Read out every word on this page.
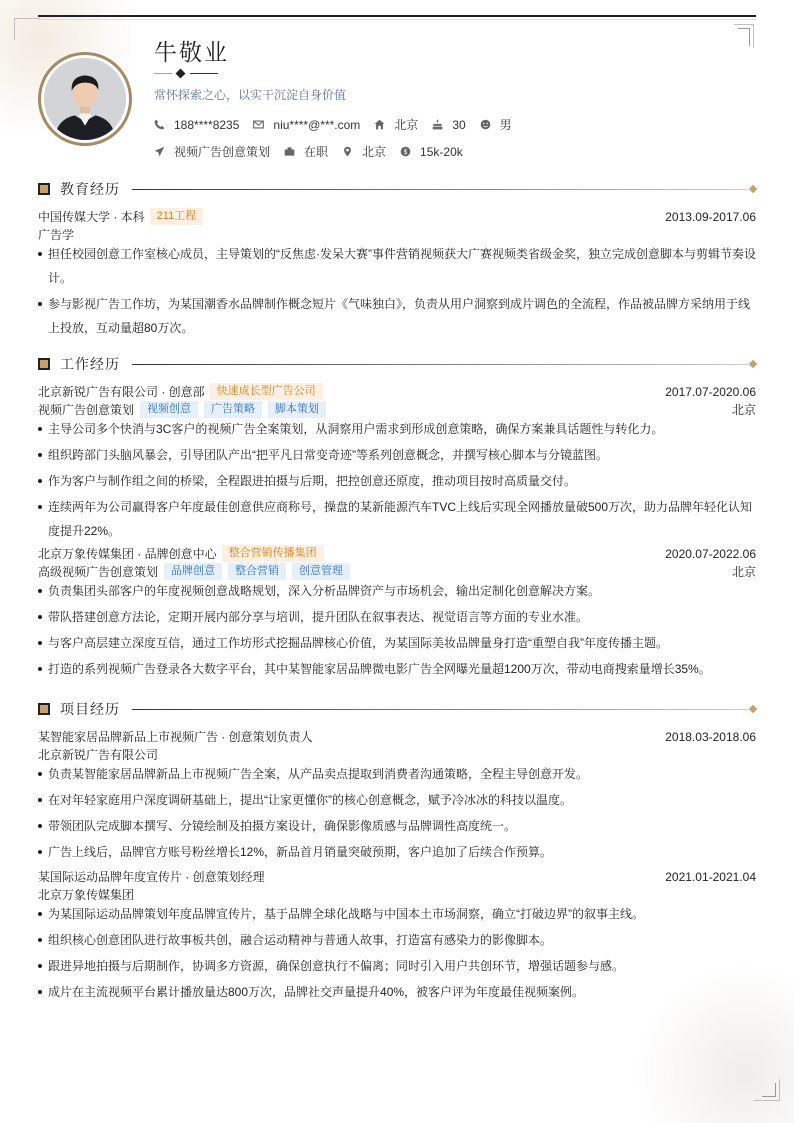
牛敬业
常怀探索之心，以实干沉淀自身价值
188****8235	niu****@***.com	北京	30	男
视频广告创意策划	在职	北京 $ 15k-20k
教育经历
中国传媒大学 · 本科	211工程	2013.09-2017.06
广告学
担任校园创意工作室核心成员，主导策划的“反焦虑·发呆大赛”事件营销视频获大广赛视频类省级金奖，独立完成创意脚本与剪辑节奏设计。
参与影视广告工作坊，为某国潮香水品牌制作概念短片《气味独白》，负责从用户洞察到成片调色的全流程，作品被品牌方采纳用于线上投放，互动量超80万次。
工作经历
北京新锐广告有限公司 · 创意部	快速成长型广告公司	2017.07-2020.06
视频广告创意策划	视频创意	广告策略	脚本策划	北京
主导公司多个快消与3C客户的视频广告全案策划，从洞察用户需求到形成创意策略，确保方案兼具话题性与转化力。
组织跨部门头脑风暴会，引导团队产出“把平凡日常变奇迹”等系列创意概念，并撰写核心脚本与分镜蓝图。
作为客户与制作组之间的桥梁，全程跟进拍摄与后期，把控创意还原度，推动项目按时高质量交付。
连续两年为公司赢得客户年度最佳创意供应商称号，操盘的某新能源汽车TVC上线后实现全网播放量破500万次，助力品牌年轻化认知度提升22%。
北京万象传媒集团 · 品牌创意中心	整合营销传播集团	2020.07-2022.06
高级视频广告创意策划	品牌创意	整合营销	创意管理	北京
负责集团头部客户的年度视频创意战略规划，深入分析品牌资产与市场机会，输出定制化创意解决方案。
带队搭建创意方法论，定期开展内部分享与培训，提升团队在叙事表达、视觉语言等方面的专业水准。
与客户高层建立深度互信，通过工作坊形式挖掘品牌核心价值，为某国际美妆品牌量身打造“重塑自我”年度传播主题。
打造的系列视频广告登录各大数字平台，其中某智能家居品牌微电影广告全网曝光量超1200万次，带动电商搜索量增长35%。
项目经历
某智能家居品牌新品上市视频广告 · 创意策划负责人	2018.03-2018.06
北京新锐广告有限公司
负责某智能家居品牌新品上市视频广告全案，从产品卖点提取到消费者沟通策略，全程主导创意开发。
在对年轻家庭用户深度调研基础上，提出“让家更懂你”的核心创意概念，赋予冷冰冰的科技以温度。
带领团队完成脚本撰写、分镜绘制及拍摄方案设计，确保影像质感与品牌调性高度统一。
广告上线后，品牌官方账号粉丝增长12%，新品首月销量突破预期，客户追加了后续合作预算。
某国际运动品牌年度宣传片 · 创意策划经理	2021.01-2021.04
北京万象传媒集团
为某国际运动品牌策划年度品牌宣传片，基于品牌全球化战略与中国本土市场洞察，确立“打破边界”的叙事主线。
组织核心创意团队进行故事板共创，融合运动精神与普通人故事，打造富有感染力的影像脚本。
跟进异地拍摄与后期制作，协调多方资源，确保创意执行不偏离；同时引入用户共创环节，增强话题参与感。
成片在主流视频平台累计播放量达800万次，品牌社交声量提升40%，被客户评为年度最佳视频案例。
